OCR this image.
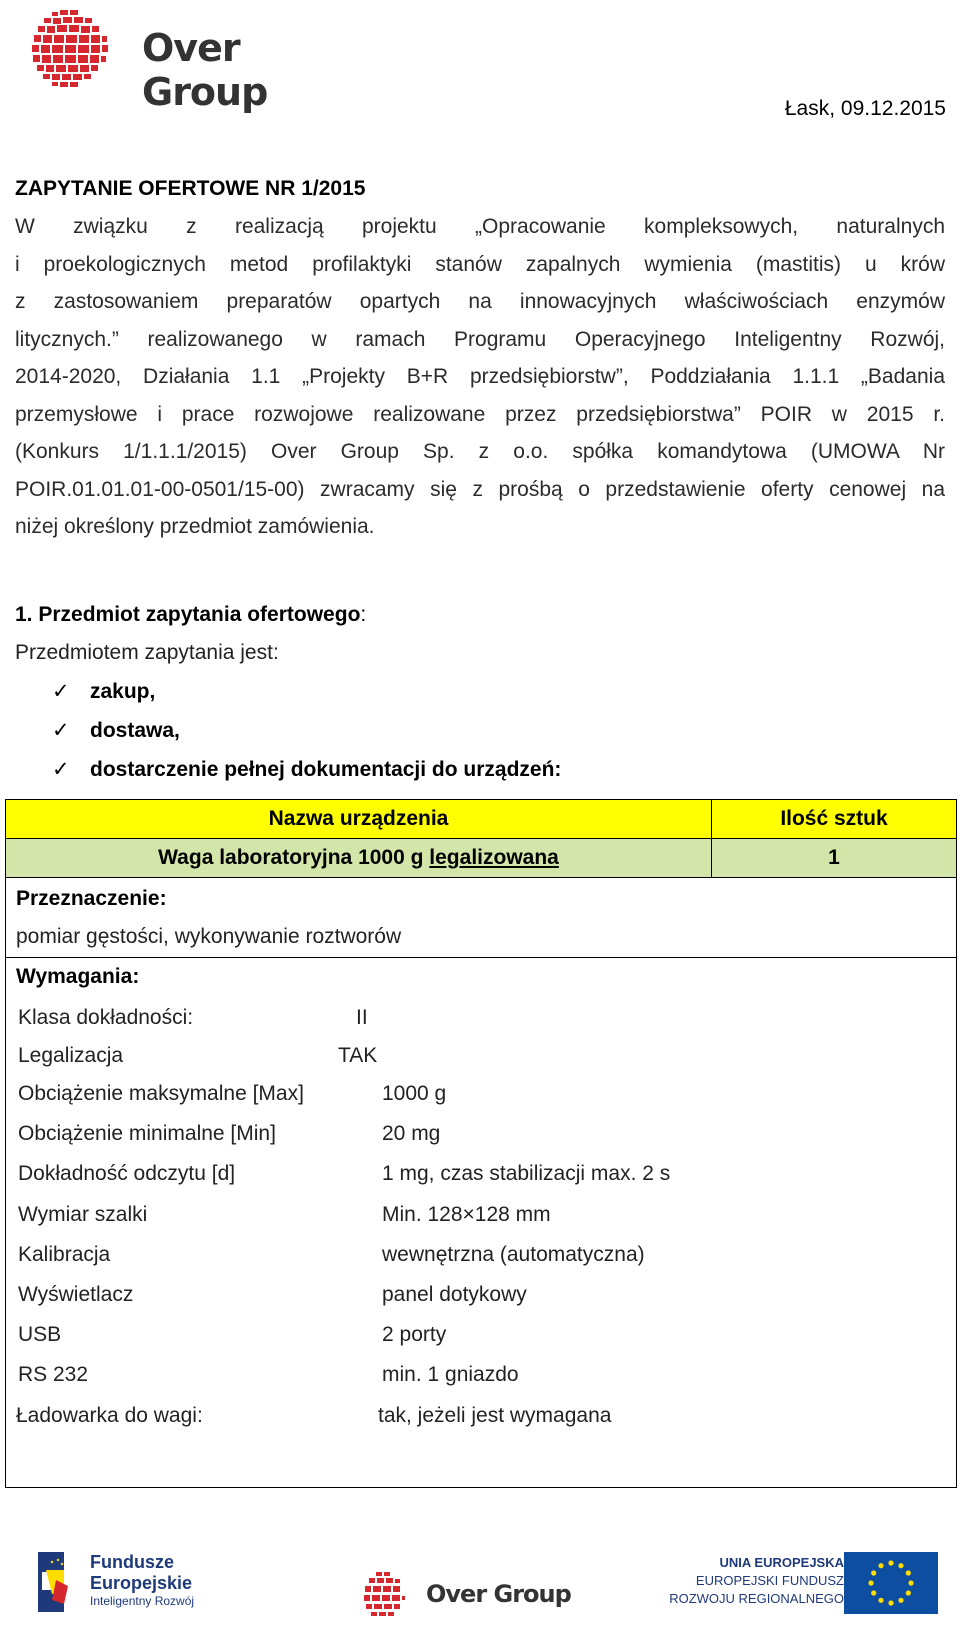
Over Group	Łask, 09.12.2015
ZAPYTANIE OFERTOWE NR 1/2015
W związku z realizacją projektu „Opracowanie kompleksowych, naturalnych
i proekologicznych metod profilaktyki stanów zapalnych wymienia (mastitis) u krów
z zastosowaniem preparatów opartych na innowacyjnych właściwościach enzymów
litycznych.” realizowanego w ramach Programu Operacyjnego Inteligentny Rozwój,
2014-2020, Działania 1.1 „Projekty B+R przedsiębiorstw”, Poddziałania 1.1.1 „Badania
przemysłowe i prace rozwojowe realizowane przez przedsiębiorstwa” POIR w 2015 r.
(Konkurs 1/1.1.1/2015) Over Group Sp. z o.o. spółka komandytowa (UMOWA Nr
POIR.01.01.01-00-0501/15-00) zwracamy się z prośbą o przedstawienie oferty cenowej na
niżej określony przedmiot zamówienia.
1. Przedmiot zapytania ofertowego:
Przedmiotem zapytania jest:
✓ zakup,
✓ dostawa,
✓ dostarczenie pełnej dokumentacji do urządzeń:
Nazwa urządzenia	Ilość sztuk
Waga laboratoryjna 1000 g legalizowana	1
Przeznaczenie:
pomiar gęstości, wykonywanie roztworów
Wymagania:
Klasa dokładności:	II
Legalizacja	TAK
Obciążenie maksymalne [Max]	1000 g
Obciążenie minimalne [Min]	20 mg
Dokładność odczytu [d]	1 mg, czas stabilizacji max. 2 s
Wymiar szalki	Min. 128×128 mm
Kalibracja	wewnętrzna (automatyczna)
Wyświetlacz	panel dotykowy
USB	2 porty
RS 232	min. 1 gniazdo
Ładowarka do wagi:	tak, jeżeli jest wymagana
Fundusze
Europejskie
Inteligentny Rozwój	Over Group
UNIA EUROPEJSKA
EUROPEJSKI FUNDUSZ
ROZWOJU REGIONALNEGO
